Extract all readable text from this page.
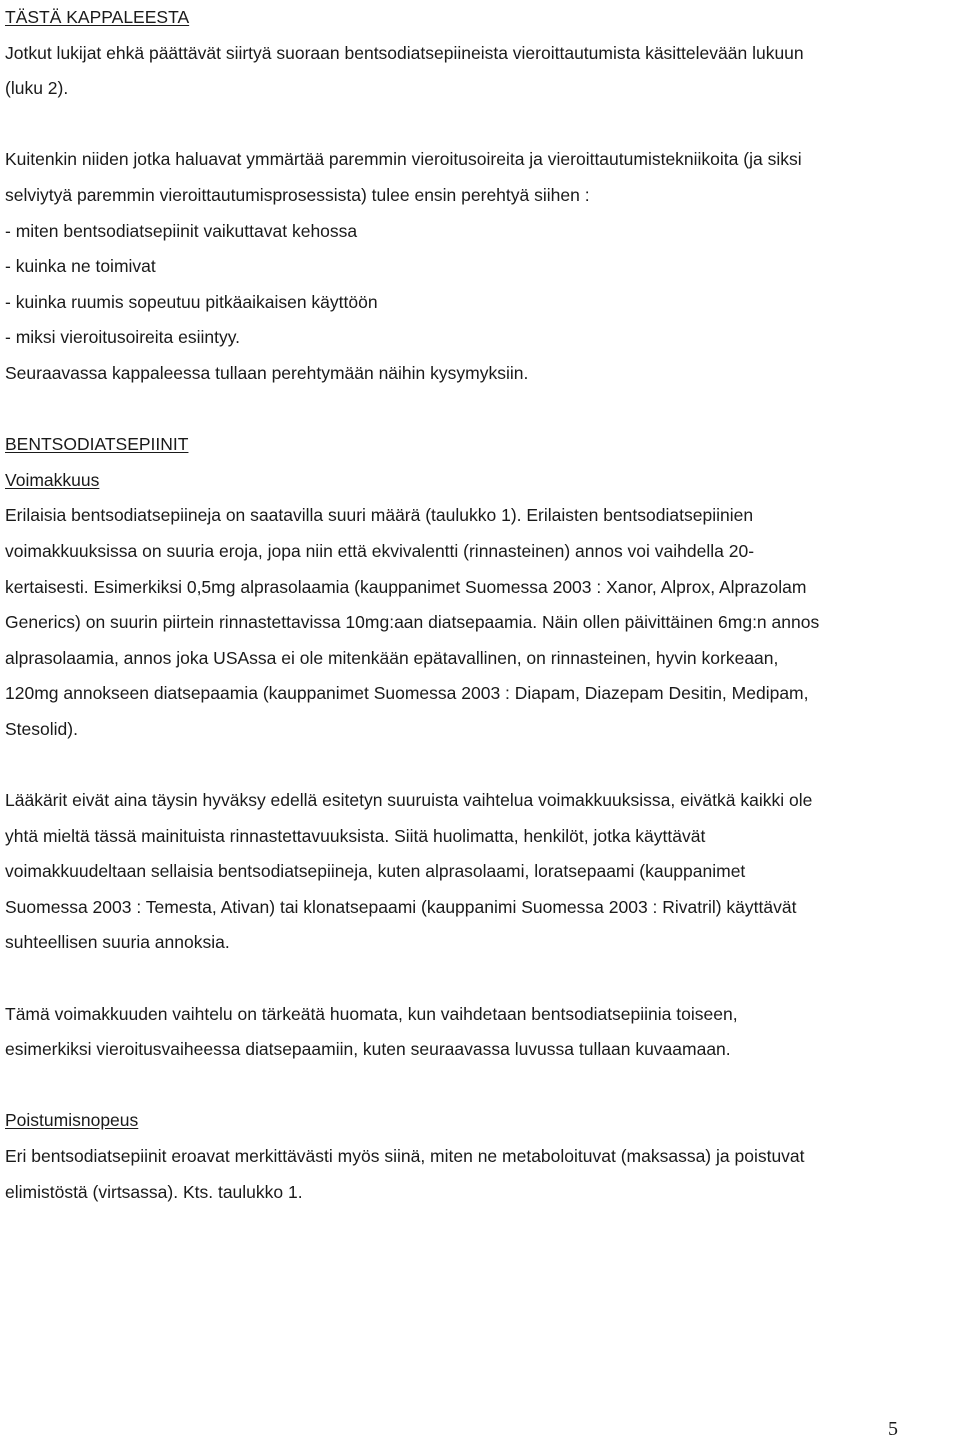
TÄSTÄ KAPPALEESTA
Jotkut lukijat ehkä päättävät siirtyä suoraan bentsodiatsepiineista vieroittautumista käsittelevään lukuun
(luku 2).
Kuitenkin niiden jotka haluavat ymmärtää paremmin vieroitusoireita ja vieroittautumistekniikoita (ja siksi
selviytyä paremmin vieroittautumisprosessista) tulee ensin perehtyä siihen :
- miten bentsodiatsepiinit vaikuttavat kehossa
- kuinka ne toimivat
- kuinka ruumis sopeutuu pitkäaikaisen käyttöön
- miksi vieroitusoireita esiintyy.
Seuraavassa kappaleessa tullaan perehtymään näihin kysymyksiin.
BENTSODIATSEPIINIT
Voimakkuus
Erilaisia bentsodiatsepiineja on saatavilla suuri määrä (taulukko 1). Erilaisten bentsodiatsepiinien
voimakkuuksissa on suuria eroja, jopa niin että ekvivalentti (rinnasteinen) annos voi vaihdella 20-
kertaisesti. Esimerkiksi 0,5mg alprasolaamia (kauppanimet Suomessa 2003 : Xanor, Alprox, Alprazolam
Generics) on suurin piirtein rinnastettavissa 10mg:aan diatsepaamia. Näin ollen päivittäinen 6mg:n annos
alprasolaamia, annos joka USAssa ei ole mitenkään epätavallinen, on rinnasteinen, hyvin korkeaan,
120mg annokseen diatsepaamia (kauppanimet Suomessa 2003 : Diapam, Diazepam Desitin, Medipam,
Stesolid).
Lääkärit eivät aina täysin hyväksy edellä esitetyn suuruista vaihtelua voimakkuuksissa, eivätkä kaikki ole
yhtä mieltä tässä mainituista rinnastettavuuksista. Siitä huolimatta, henkilöt, jotka käyttävät
voimakkuudeltaan sellaisia bentsodiatsepiineja, kuten alprasolaami, loratsepaami (kauppanimet
Suomessa 2003 : Temesta, Ativan) tai klonatsepaami (kauppanimi Suomessa 2003 : Rivatril) käyttävät
suhteellisen suuria annoksia.
Tämä voimakkuuden vaihtelu on tärkeätä huomata, kun vaihdetaan bentsodiatsepiinia toiseen,
esimerkiksi vieroitusvaiheessa diatsepaamiin, kuten seuraavassa luvussa tullaan kuvaamaan.
Poistumisnopeus
Eri bentsodiatsepiinit eroavat merkittävästi myös siinä, miten ne metaboloituvat (maksassa) ja poistuvat
elimistöstä (virtsassa). Kts. taulukko 1.
5
